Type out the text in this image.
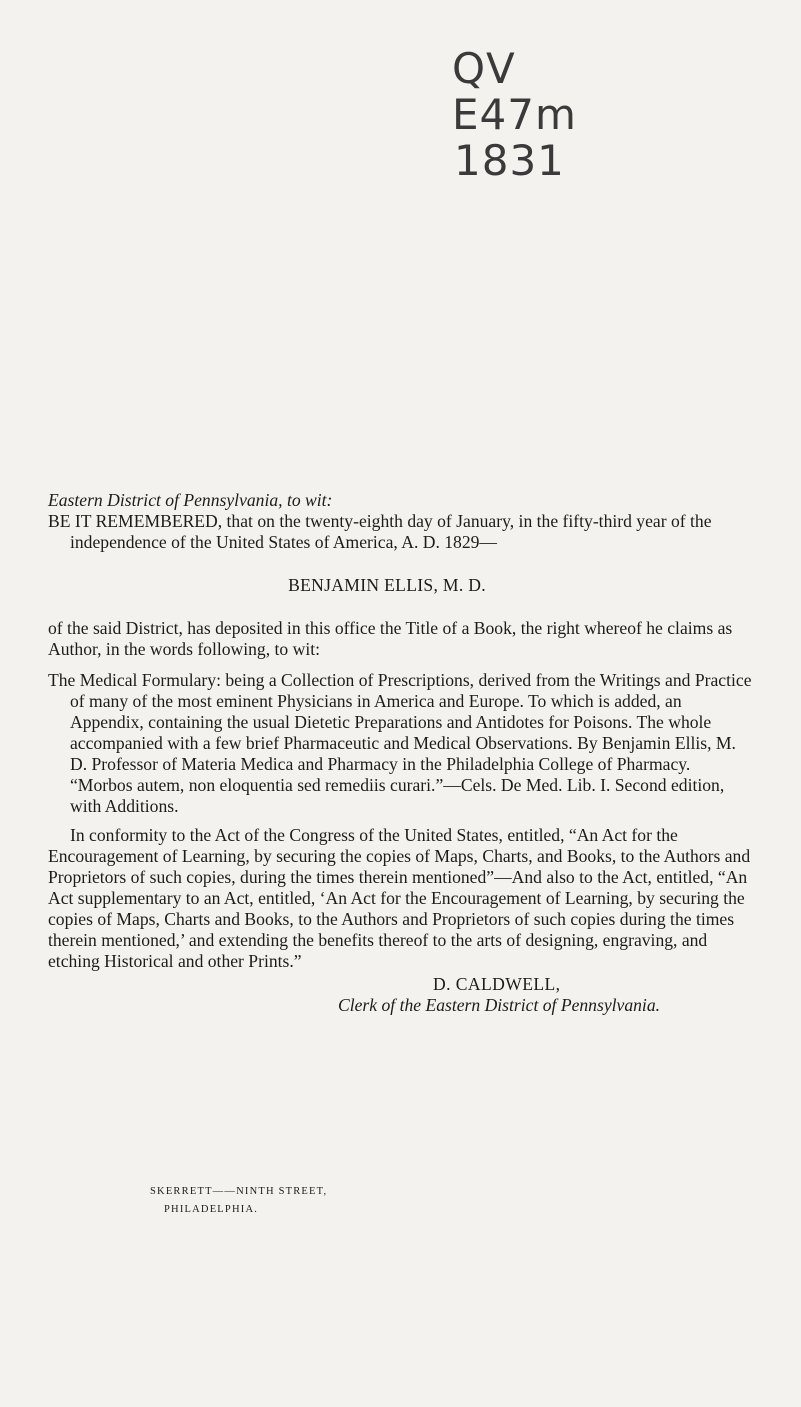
QV
E47m
1831

Eastern District of Pennsylvania, to wit:

BE IT REMEMBERED, that on the twenty-eighth day of January, in the fifty-third year of the independence of the United States of America, A. D. 1829—

BENJAMIN ELLIS, M. D.

of the said District, has deposited in this office the Title of a Book, the right whereof he claims as Author, in the words following, to wit:

The Medical Formulary: being a Collection of Prescriptions, derived from the Writings and Practice of many of the most eminent Physicians in America and Europe. To which is added, an Appendix, containing the usual Dietetic Preparations and Antidotes for Poisons. The whole accompanied with a few brief Pharmaceutic and Medical Observations. By Benjamin Ellis, M. D. Professor of Materia Medica and Pharmacy in the Philadelphia College of Pharmacy. “Morbos autem, non eloquentia sed remediis curari.”—Cels. De Med. Lib. I. Second edition, with Additions.

In conformity to the Act of the Congress of the United States, entitled, “An Act for the Encouragement of Learning, by securing the copies of Maps, Charts, and Books, to the Authors and Proprietors of such copies, during the times therein mentioned”—And also to the Act, entitled, “An Act supplementary to an Act, entitled, ‘An Act for the Encouragement of Learning, by securing the copies of Maps, Charts and Books, to the Authors and Proprietors of such copies during the times therein mentioned,’ and extending the benefits thereof to the arts of designing, engraving, and etching Historical and other Prints.”

D. CALDWELL,

Clerk of the Eastern District of Pennsylvania.

SKERRETT——NINTH STREET,
PHILADELPHIA.
